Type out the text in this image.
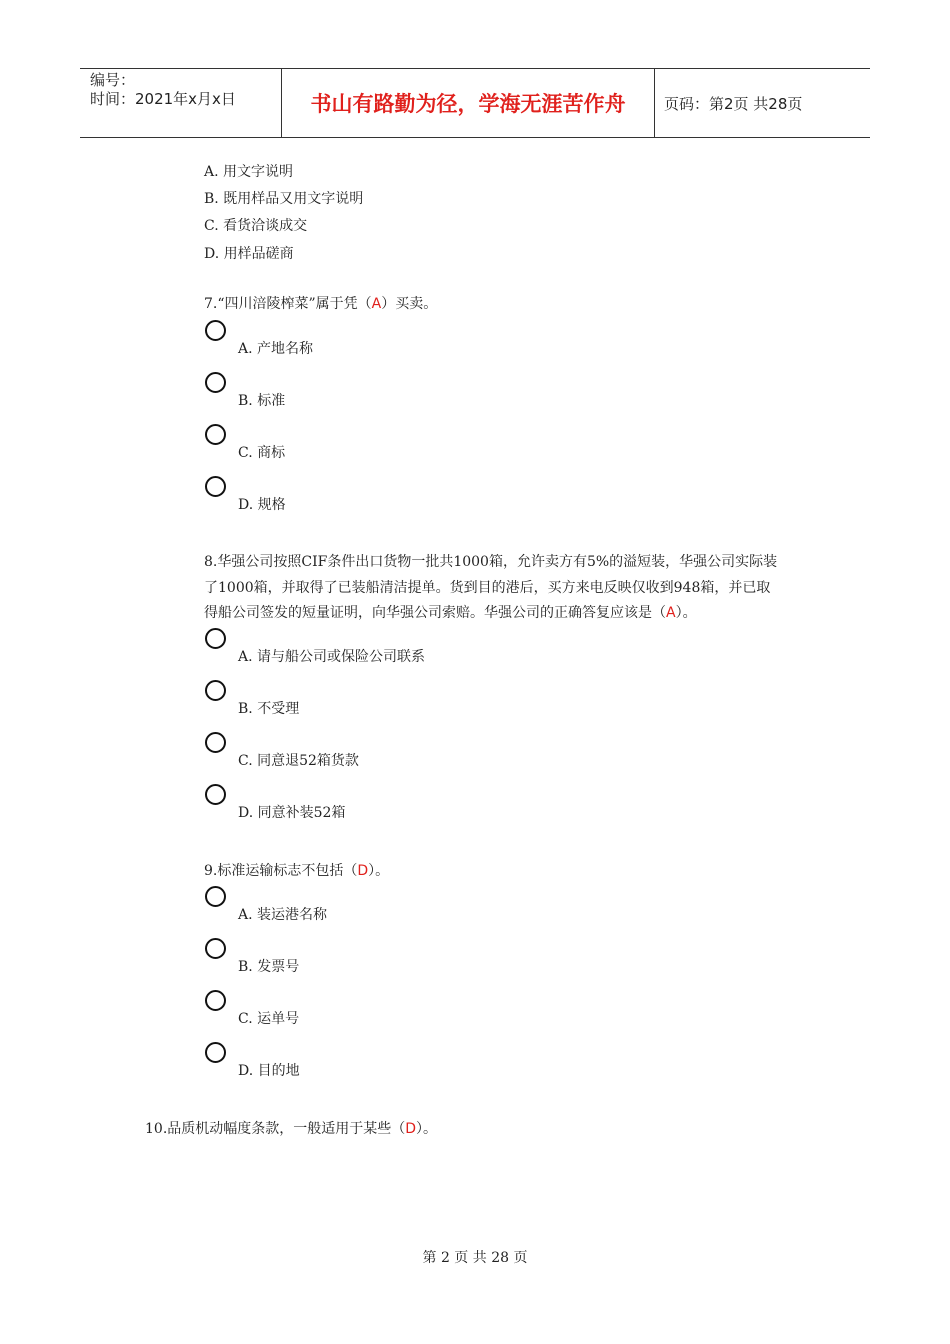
编号：
时间：2021年x月x日	书山有路勤为径，学海无涯苦作舟	页码：第2页 共28页
A. 用文字说明
B. 既用样品又用文字说明
C. 看货洽谈成交
D. 用样品磋商
7.“四川涪陵榨菜”属于凭（A）买卖。
A. 产地名称
B. 标准
C. 商标
D. 规格
8.华强公司按照CIF条件出口货物一批共1000箱，允许卖方有5%的溢短装，华强公司实际装
了1000箱，并取得了已装船清洁提单。货到目的港后，买方来电反映仅收到948箱，并已取
得船公司签发的短量证明，向华强公司索赔。华强公司的正确答复应该是（A）。
A. 请与船公司或保险公司联系
B. 不受理
C. 同意退52箱货款
D. 同意补装52箱
9.标准运输标志不包括（D）。
A. 装运港名称
B. 发票号
C. 运单号
D. 目的地
10.品质机动幅度条款，一般适用于某些（D）。
第 2 页 共 28 页
